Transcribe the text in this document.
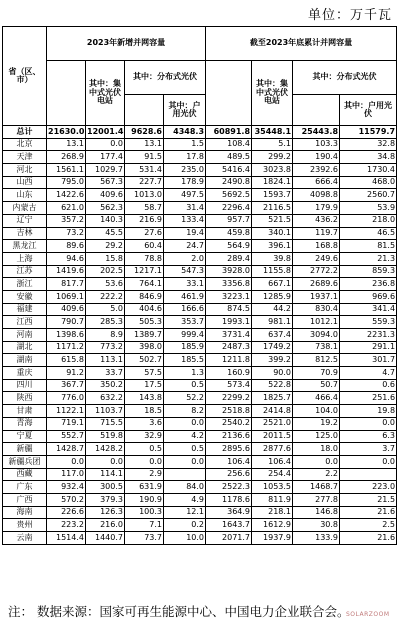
单位：万千瓦
省（区、市）	2023年新增并网容量				截至2023年底累计并网容量			
		其中：集中式光伏电站	其中：分布式光伏			其中：集中式光伏电站	其中：分布式光伏	
				其中：户用光伏				其中：户用光伏
总计	21630.0	12001.4	9628.6	4348.3	60891.8	35448.1	25443.8	11579.7
北京	13.1	0.0	13.1	1.5	108.4	5.1	103.3	32.8
天津	268.9	177.4	91.5	17.8	489.5	299.2	190.4	34.8
河北	1561.1	1029.7	531.4	235.0	5416.4	3023.8	2392.6	1730.4
山西	795.0	567.3	227.7	178.9	2490.8	1824.1	666.4	468.0
山东	1422.6	409.6	1013.0	497.5	5692.5	1593.7	4098.8	2560.7
内蒙古	621.0	562.3	58.7	31.4	2296.4	2116.5	179.9	53.9
辽宁	357.2	140.3	216.9	133.4	957.7	521.5	436.2	218.0
吉林	73.2	45.5	27.6	19.4	459.8	340.1	119.7	46.5
黑龙江	89.6	29.2	60.4	24.7	564.9	396.1	168.8	81.5
上海	94.6	15.8	78.8	2.0	289.4	39.8	249.6	21.3
江苏	1419.6	202.5	1217.1	547.3	3928.0	1155.8	2772.2	859.3
浙江	817.7	53.6	764.1	33.1	3356.8	667.1	2689.6	236.8
安徽	1069.1	222.2	846.9	461.9	3223.1	1285.9	1937.1	969.6
福建	409.6	5.0	404.6	166.6	874.5	44.2	830.4	341.4
江西	790.7	285.3	505.3	353.7	1993.1	981.1	1012.1	559.3
河南	1398.6	8.9	1389.7	999.4	3731.4	637.4	3094.0	2231.3
湖北	1171.2	773.2	398.0	185.9	2487.3	1749.2	738.1	291.1
湖南	615.8	113.1	502.7	185.5	1211.8	399.2	812.5	301.7
重庆	91.2	33.7	57.5	1.3	160.9	90.0	70.9	4.7
四川	367.7	350.2	17.5	0.5	573.4	522.8	50.7	0.6
陕西	776.0	632.2	143.8	52.2	2299.2	1825.7	466.4	251.6
甘肃	1122.1	1103.7	18.5	8.2	2518.8	2414.8	104.0	19.8
青海	719.1	715.5	3.6	0.0	2540.2	2521.0	19.2	0.0
宁夏	552.7	519.8	32.9	4.2	2136.6	2011.5	125.0	6.3
新疆	1428.7	1428.2	0.5	0.5	2895.6	2877.6	18.0	3.7
新疆兵团	0.0	0.0	0.0	0.0	106.4	106.4	0.0	0.0
西藏	117.0	114.1	2.9		256.6	254.4	2.2	
广东	932.4	300.5	631.9	84.0	2522.3	1053.5	1468.7	223.0
广西	570.2	379.3	190.9	4.9	1178.6	811.9	277.8	21.5
海南	226.6	126.3	100.3	12.1	364.9	218.1	146.8	21.6
贵州	223.2	216.0	7.1	0.2	1643.7	1612.9	30.8	2.5
云南	1514.4	1440.7	73.7	10.0	2071.7	1937.9	133.9	21.6
注： 数据来源：国家可再生能源中心、中国电力企业联合会。
SOLARZOOM
